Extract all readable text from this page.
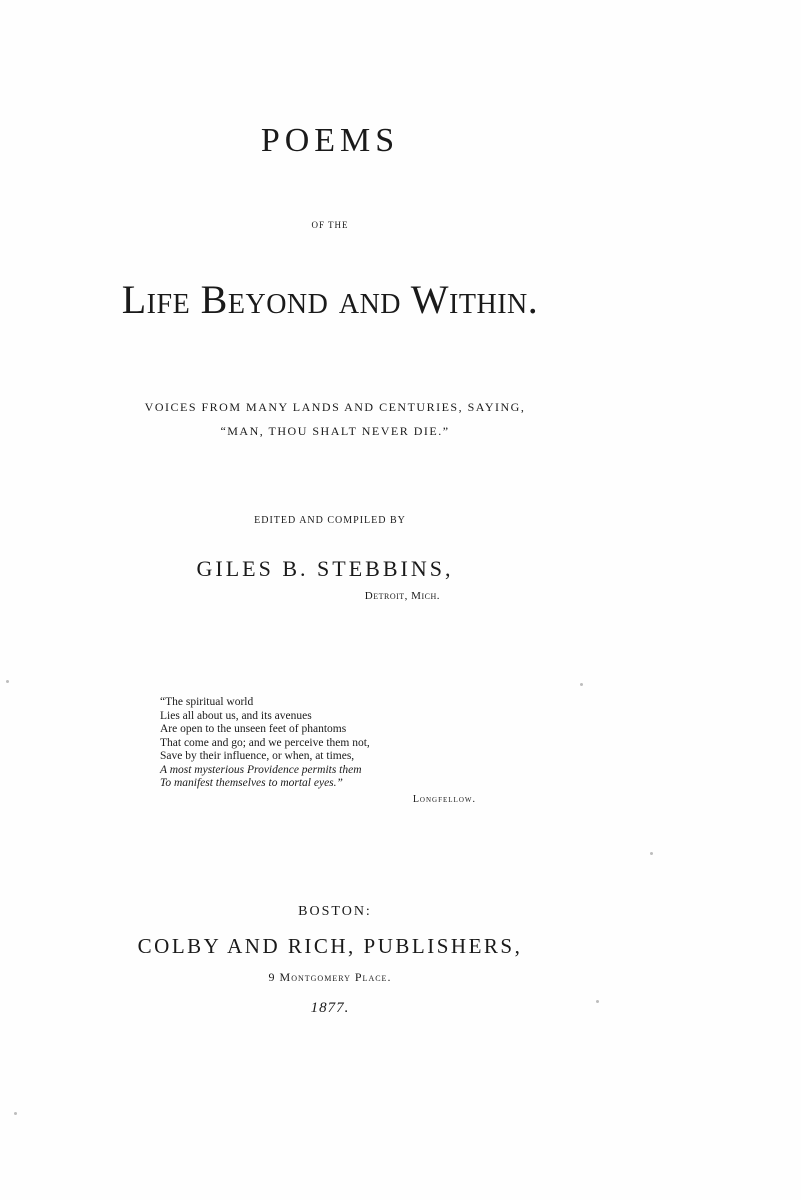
POEMS
OF THE
Life Beyond and Within.
VOICES FROM MANY LANDS AND CENTURIES, SAYING,
“MAN, THOU SHALT NEVER DIE.”
EDITED AND COMPILED BY
GILES B. STEBBINS,
Detroit, Mich.
“The spiritual world
Lies all about us, and its avenues
Are open to the unseen feet of phantoms
That come and go; and we perceive them not,
Save by their influence, or when, at times,
A most mysterious Providence permits them
To manifest themselves to mortal eyes.”
Longfellow.
BOSTON:
COLBY AND RICH, PUBLISHERS,
9 Montgomery Place.
1877.
